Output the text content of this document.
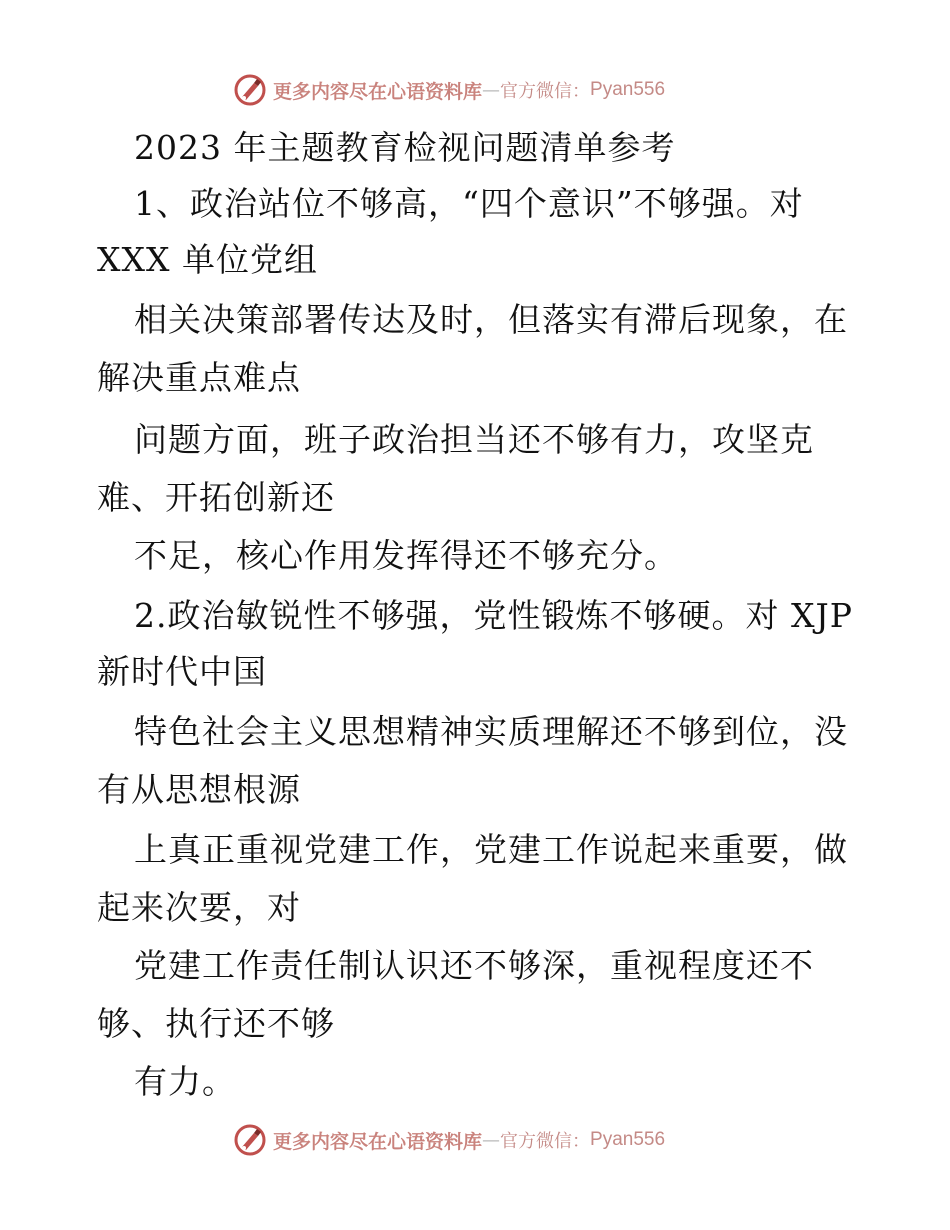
更多内容尽在心语资料库 — 官方微信： Pyan556
2023 年主题教育检视问题清单参考
1、政治站位不够高，“四个意识”不够强。对
XXX 单位党组
相关决策部署传达及时，但落实有滞后现象，在
解决重点难点
问题方面，班子政治担当还不够有力，攻坚克
难、开拓创新还
不足，核心作用发挥得还不够充分。
2.政治敏锐性不够强，党性锻炼不够硬。对 XJP
新时代中国
特色社会主义思想精神实质理解还不够到位，没
有从思想根源
上真正重视党建工作，党建工作说起来重要，做
起来次要，对
党建工作责任制认识还不够深，重视程度还不
够、执行还不够
有力。
更多内容尽在心语资料库 — 官方微信： Pyan556
